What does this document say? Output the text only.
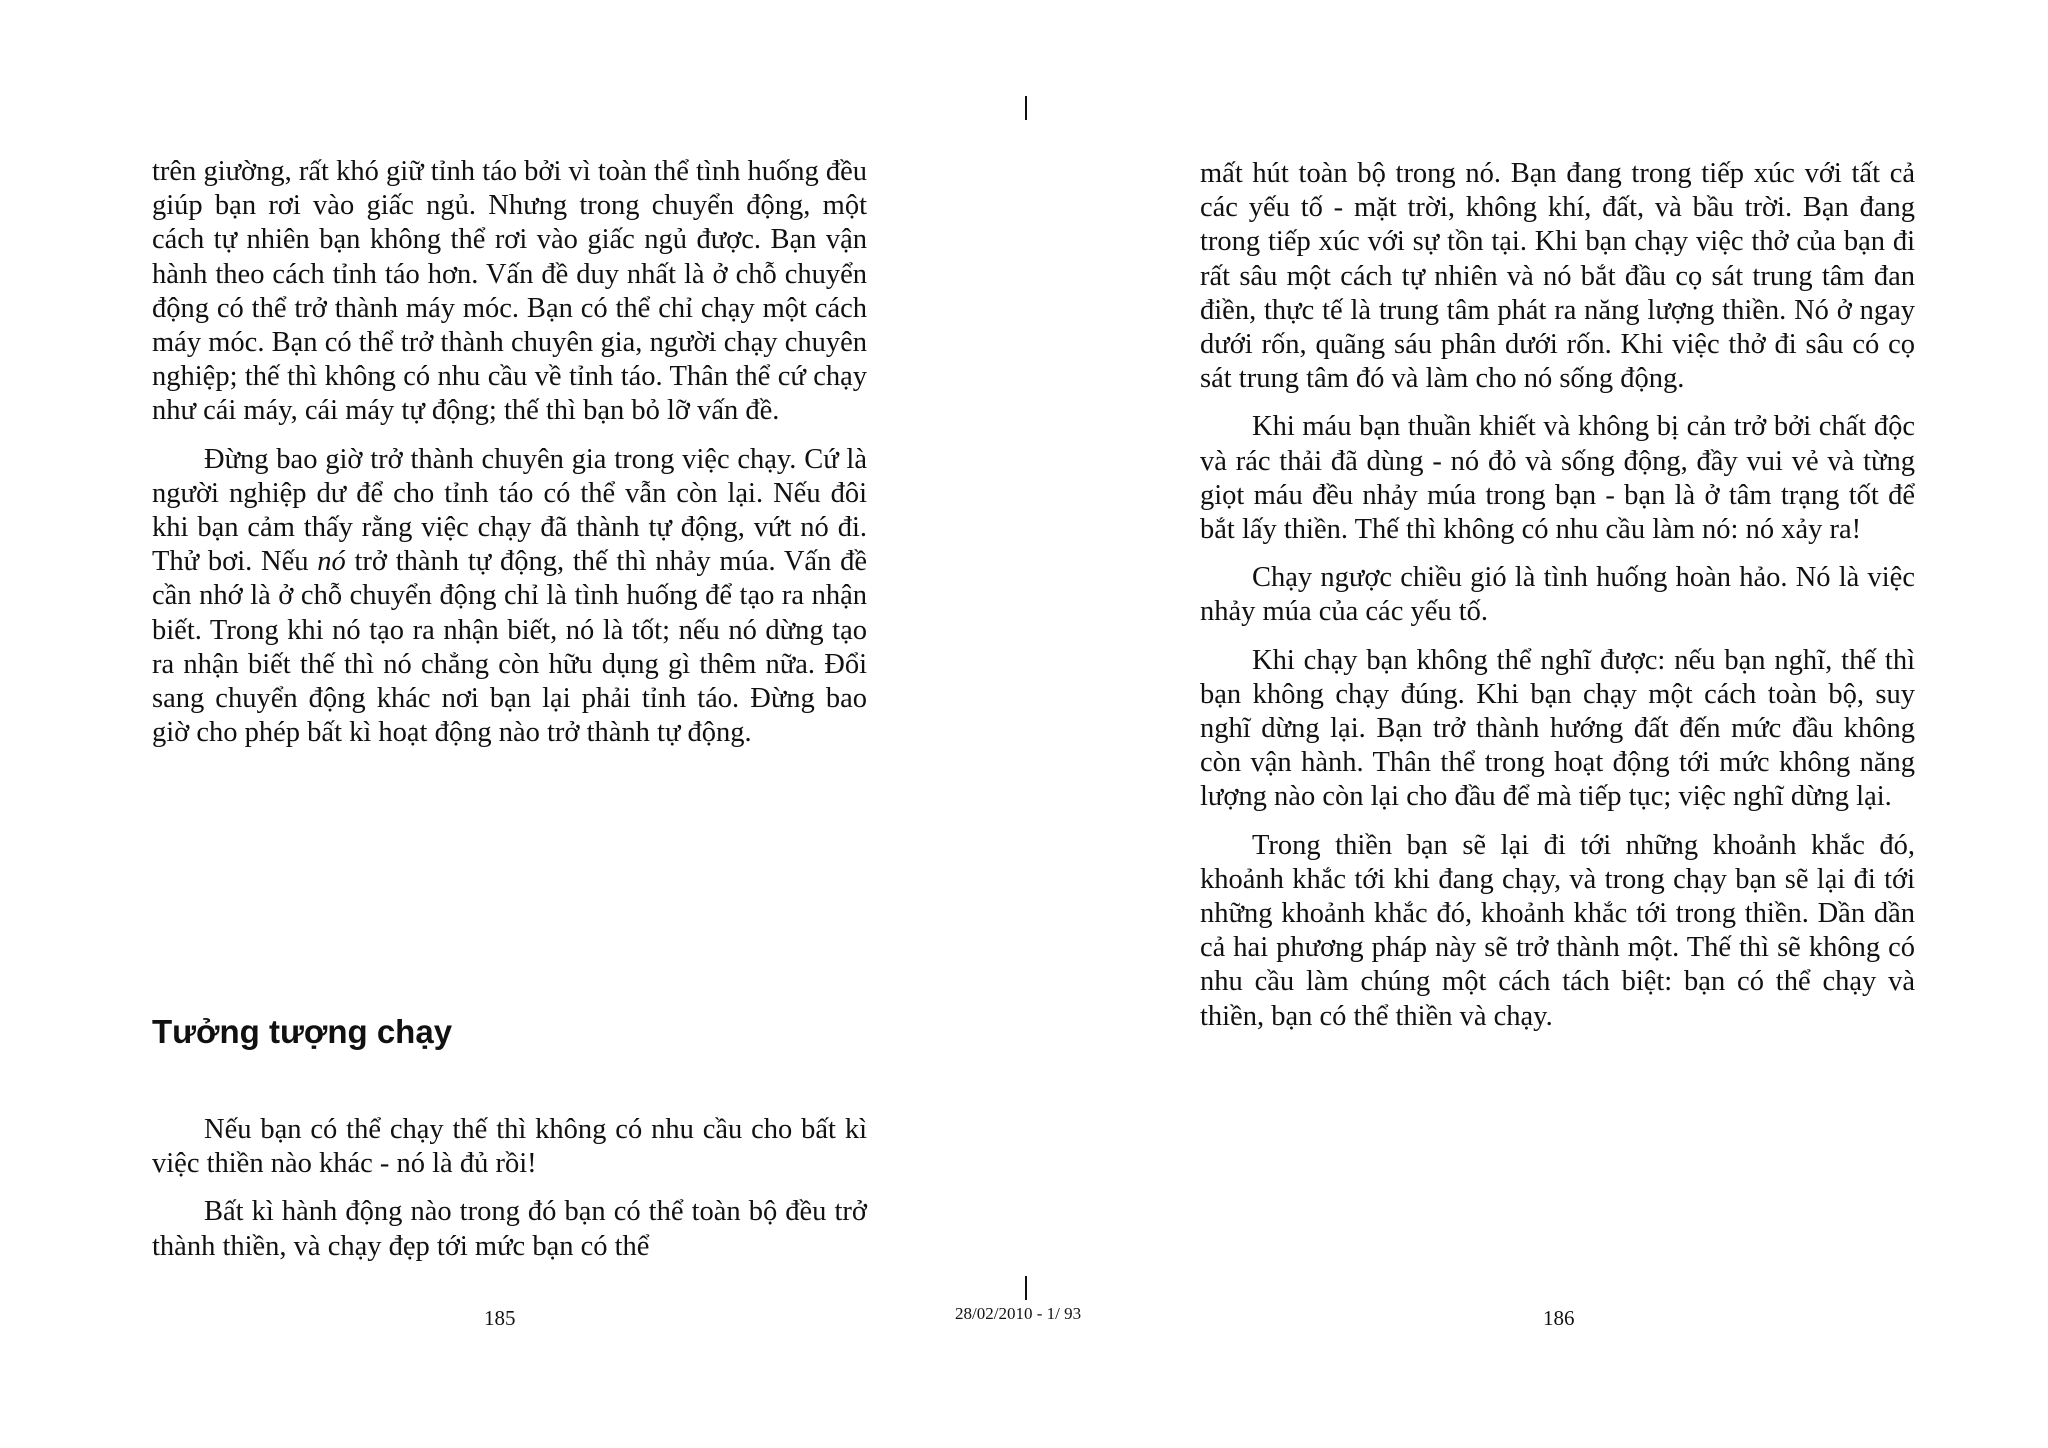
trên giường, rất khó giữ tỉnh táo bởi vì toàn thể tình huống đều giúp bạn rơi vào giấc ngủ. Nhưng trong chuyển động, một cách tự nhiên bạn không thể rơi vào giấc ngủ được. Bạn vận hành theo cách tỉnh táo hơn. Vấn đề duy nhất là ở chỗ chuyển động có thể trở thành máy móc. Bạn có thể chỉ chạy một cách máy móc. Bạn có thể trở thành chuyên gia, người chạy chuyên nghiệp; thế thì không có nhu cầu về tỉnh táo. Thân thể cứ chạy như cái máy, cái máy tự động; thế thì bạn bỏ lỡ vấn đề.

Đừng bao giờ trở thành chuyên gia trong việc chạy. Cứ là người nghiệp dư để cho tỉnh táo có thể vẫn còn lại. Nếu đôi khi bạn cảm thấy rằng việc chạy đã thành tự động, vứt nó đi. Thử bơi. Nếu nó trở thành tự động, thế thì nhảy múa. Vấn đề cần nhớ là ở chỗ chuyển động chỉ là tình huống để tạo ra nhận biết. Trong khi nó tạo ra nhận biết, nó là tốt; nếu nó dừng tạo ra nhận biết thế thì nó chẳng còn hữu dụng gì thêm nữa. Đổi sang chuyển động khác nơi bạn lại phải tỉnh táo. Đừng bao giờ cho phép bất kì hoạt động nào trở thành tự động.

Tưởng tượng chạy

Nếu bạn có thể chạy thế thì không có nhu cầu cho bất kì việc thiền nào khác - nó là đủ rồi!

Bất kì hành động nào trong đó bạn có thể toàn bộ đều trở thành thiền, và chạy đẹp tới mức bạn có thể

mất hút toàn bộ trong nó. Bạn đang trong tiếp xúc với tất cả các yếu tố - mặt trời, không khí, đất, và bầu trời. Bạn đang trong tiếp xúc với sự tồn tại. Khi bạn chạy việc thở của bạn đi rất sâu một cách tự nhiên và nó bắt đầu cọ sát trung tâm đan điền, thực tế là trung tâm phát ra năng lượng thiền. Nó ở ngay dưới rốn, quãng sáu phân dưới rốn. Khi việc thở đi sâu có cọ sát trung tâm đó và làm cho nó sống động.

Khi máu bạn thuần khiết và không bị cản trở bởi chất độc và rác thải đã dùng - nó đỏ và sống động, đầy vui vẻ và từng giọt máu đều nhảy múa trong bạn - bạn là ở tâm trạng tốt để bắt lấy thiền. Thế thì không có nhu cầu làm nó: nó xảy ra!

Chạy ngược chiều gió là tình huống hoàn hảo. Nó là việc nhảy múa của các yếu tố.

Khi chạy bạn không thể nghĩ được: nếu bạn nghĩ, thế thì bạn không chạy đúng. Khi bạn chạy một cách toàn bộ, suy nghĩ dừng lại. Bạn trở thành hướng đất đến mức đầu không còn vận hành. Thân thể trong hoạt động tới mức không năng lượng nào còn lại cho đầu để mà tiếp tục; việc nghĩ dừng lại.

Trong thiền bạn sẽ lại đi tới những khoảnh khắc đó, khoảnh khắc tới khi đang chạy, và trong chạy bạn sẽ lại đi tới những khoảnh khắc đó, khoảnh khắc tới trong thiền. Dần dần cả hai phương pháp này sẽ trở thành một. Thế thì sẽ không có nhu cầu làm chúng một cách tách biệt: bạn có thể chạy và thiền, bạn có thể thiền và chạy.

185	28/02/2010 - 1/ 93	186
